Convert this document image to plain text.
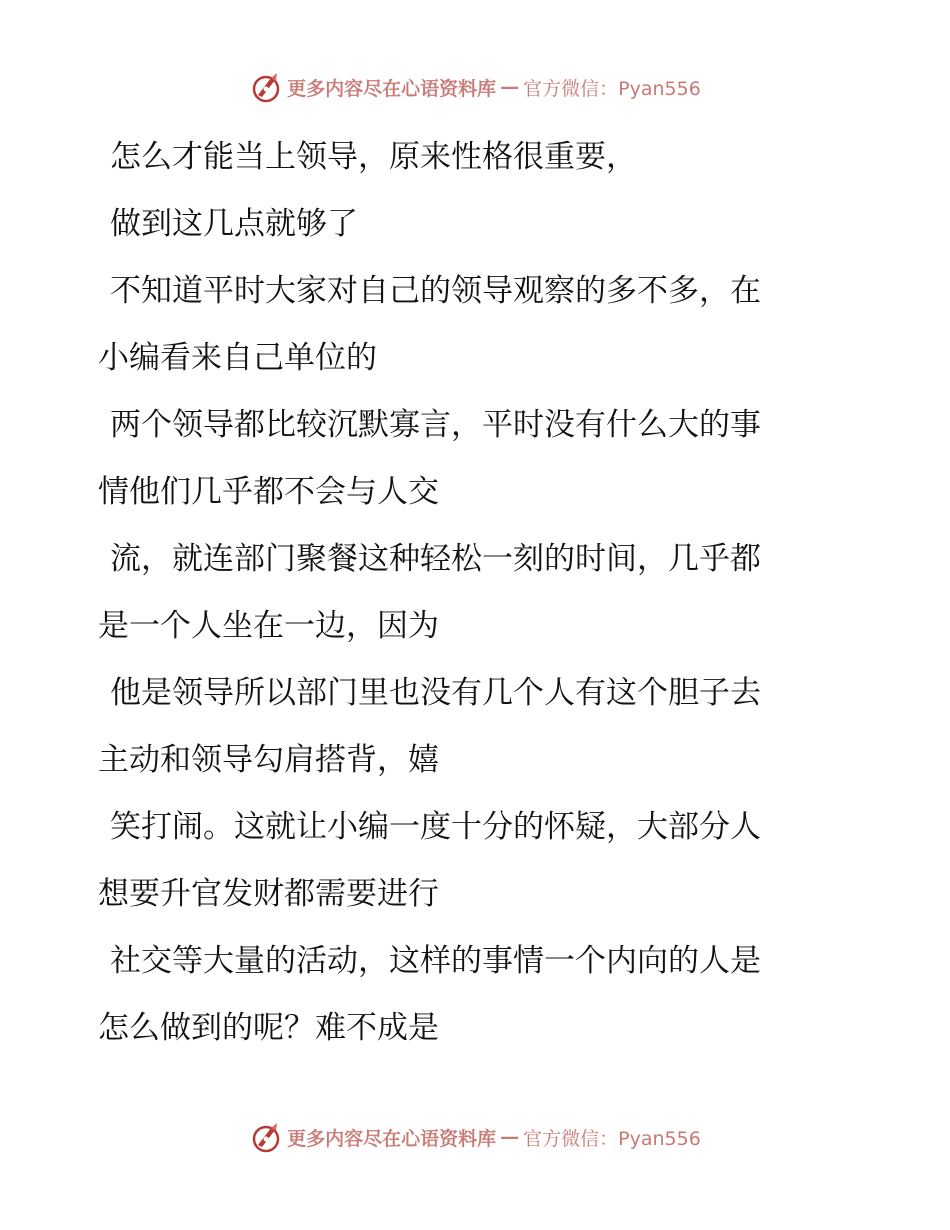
更多内容尽在心语资料库 — 官方微信：Pyan556

怎么才能当上领导，原来性格很重要，

做到这几点就够了

不知道平时大家对自己的领导观察的多不多，在
小编看来自己单位的

两个领导都比较沉默寡言，平时没有什么大的事
情他们几乎都不会与人交

流，就连部门聚餐这种轻松一刻的时间，几乎都
是一个人坐在一边，因为

他是领导所以部门里也没有几个人有这个胆子去
主动和领导勾肩搭背，嬉

笑打闹。这就让小编一度十分的怀疑，大部分人
想要升官发财都需要进行

社交等大量的活动，这样的事情一个内向的人是
怎么做到的呢？难不成是

更多内容尽在心语资料库 — 官方微信：Pyan556
